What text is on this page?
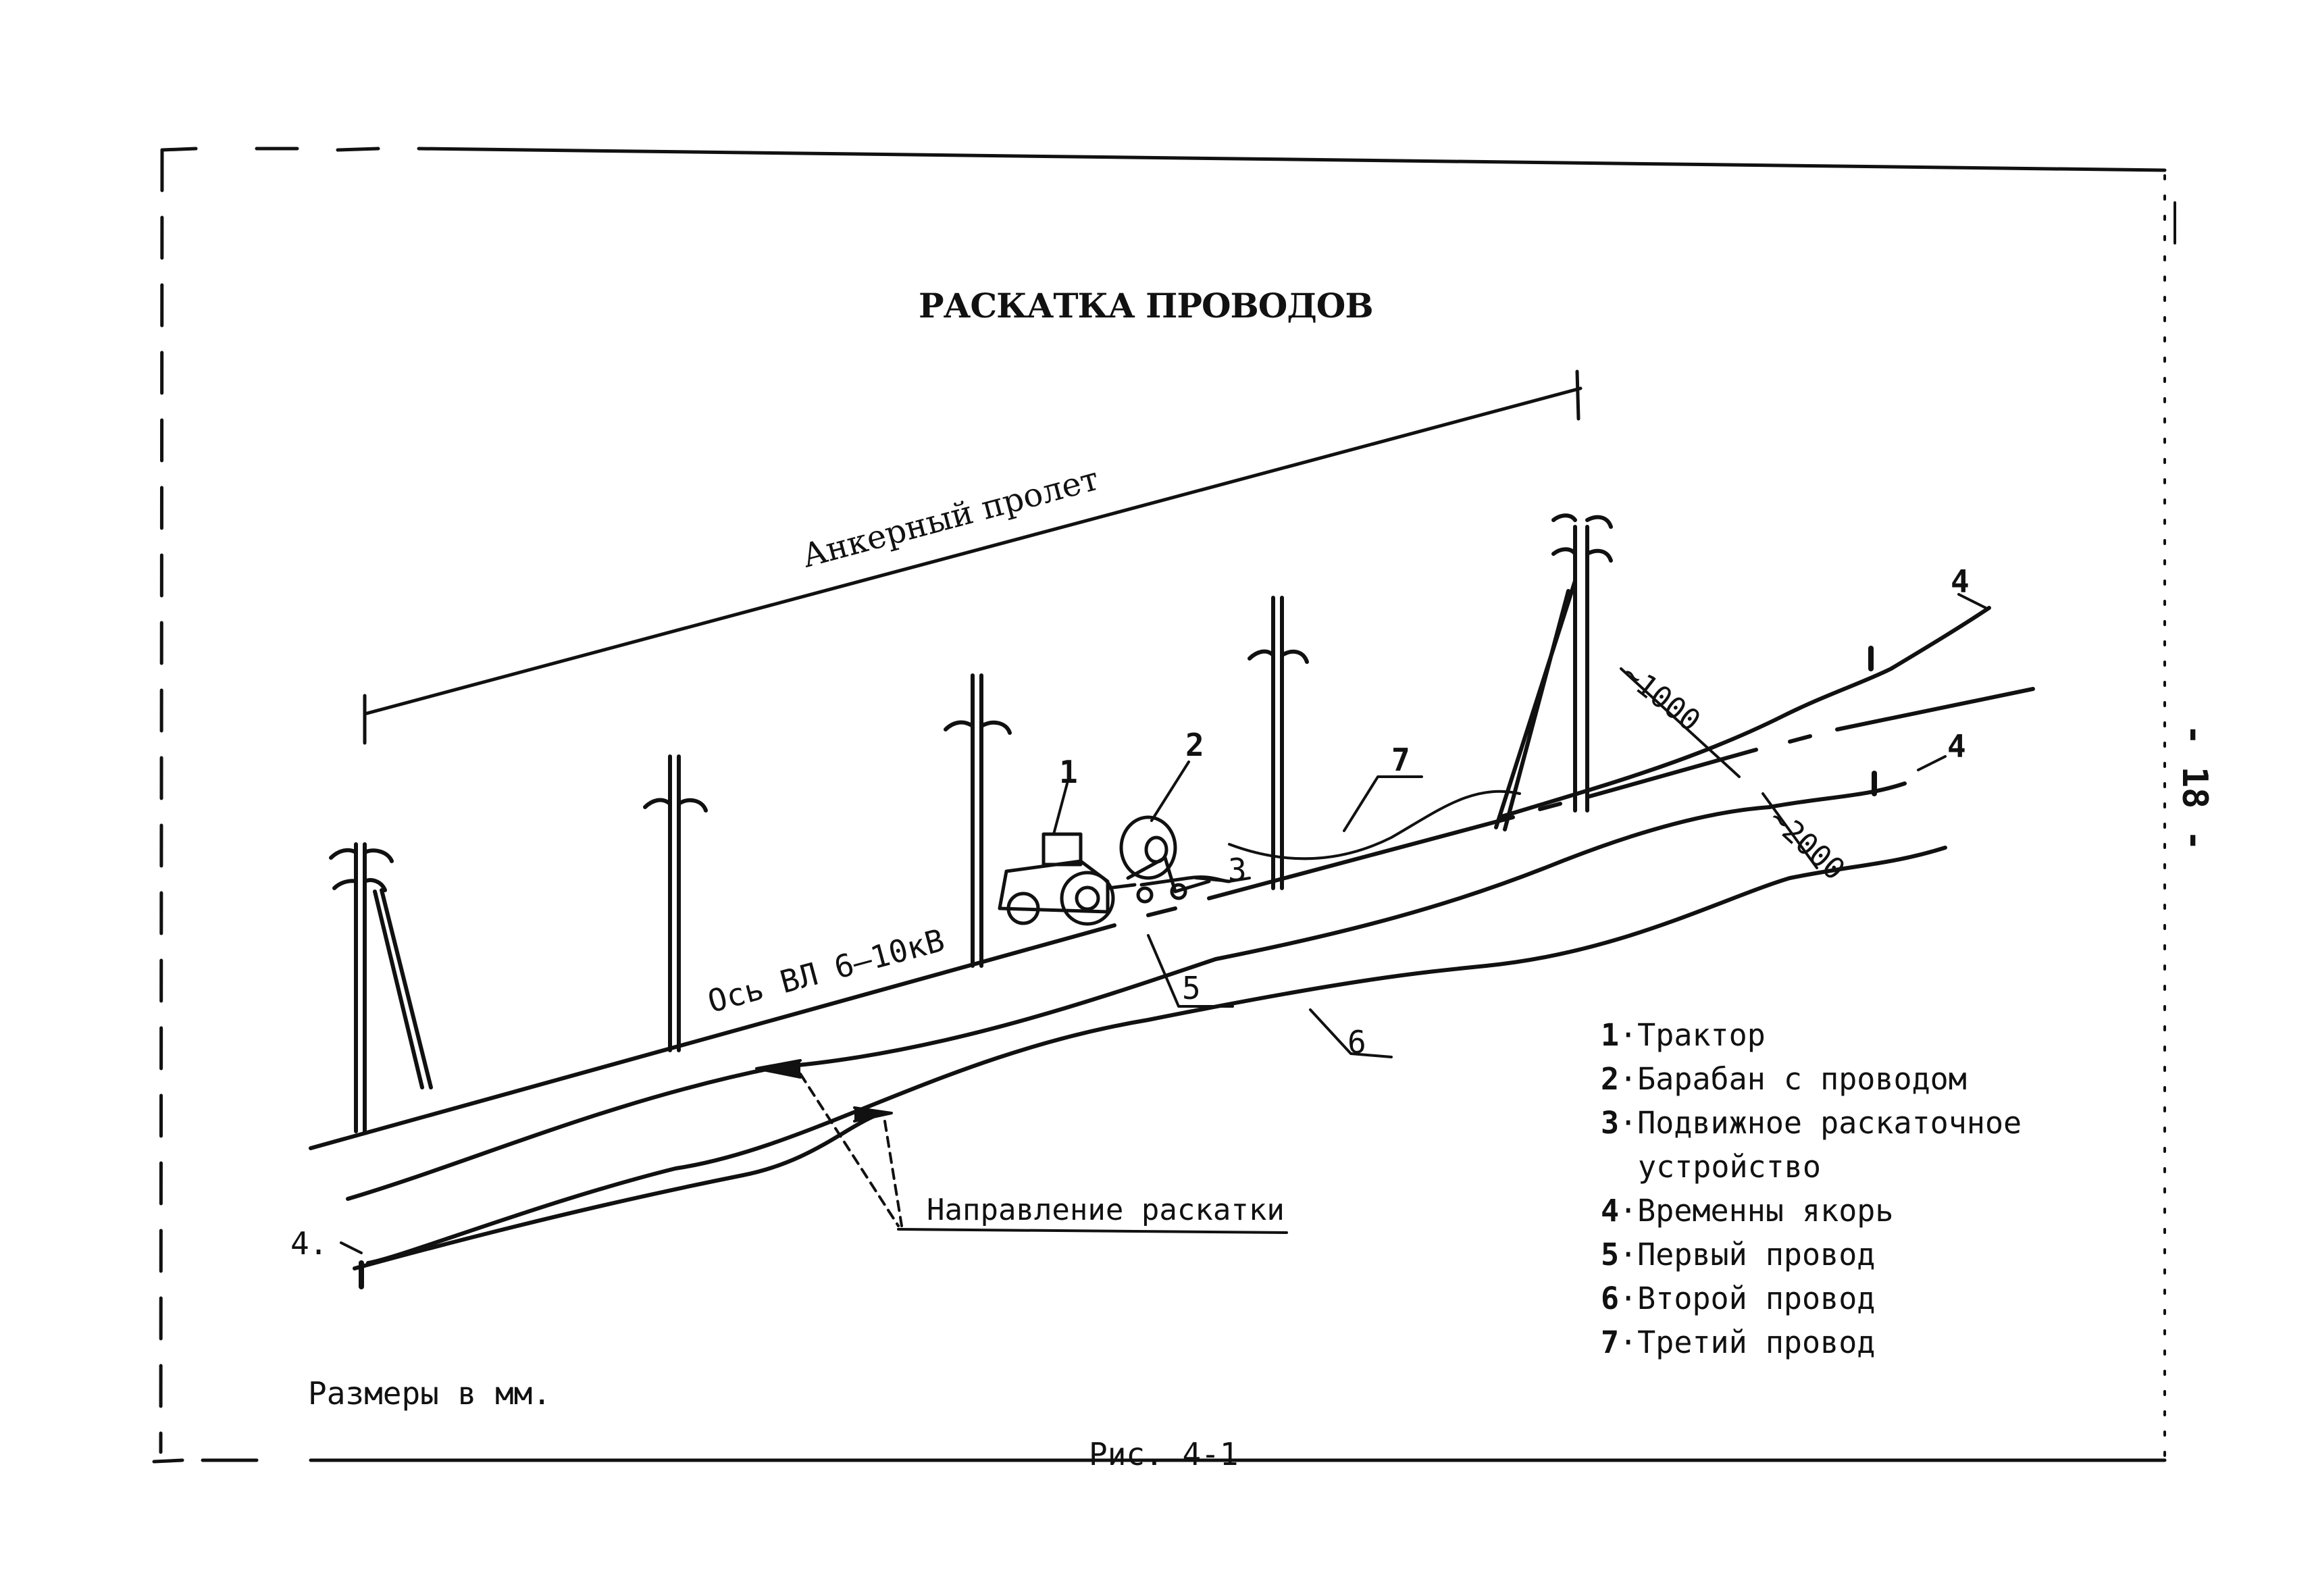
РАСКАТКА ПРОВОДОВ
Анкерный пролет
Ось ВЛ 6–10кВ
Направление раскатки
~1000
~2000
1
2
3
4
4
4.
5
6
7
1 ·Трактор
2 ·Барабан с проводом
3 ·Подвижное раскаточное
устройство
4 ·Временны якорь
5 ·Первый провод
6 ·Второй провод
7 ·Третий провод
Размеры в мм.
Рис. 4-1
- 18 -
